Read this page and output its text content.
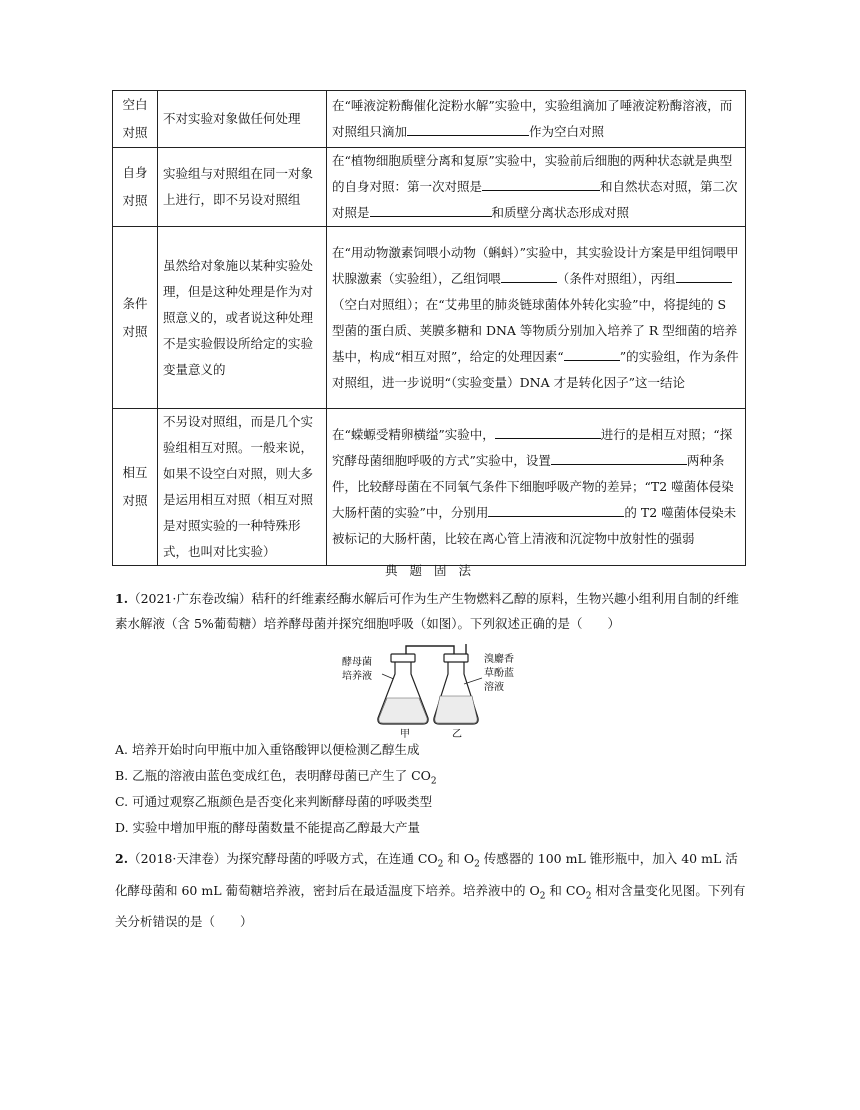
空白
对照	不对实验对象做任何处理	在“唾液淀粉酶催化淀粉水解”实验中，实验组滴加了唾液淀粉酶溶液，而对照组只滴加 作为空白对照
自身
对照	实验组与对照组在同一对象上进行，即不另设对照组	在“植物细胞质壁分离和复原”实验中，实验前后细胞的两种状态就是典型的自身对照：第一次对照是 和自然状态对照，第二次对照是 和质壁分离状态形成对照
条件
对照	虽然给对象施以某种实验处理，但是这种处理是作为对照意义的，或者说这种处理不是实验假设所给定的实验变量意义的	在“用动物激素饲喂小动物（蝌蚪）”实验中，其实验设计方案是甲组饲喂甲状腺激素（实验组），乙组饲喂 （条件对照组），丙组（空白对照组）；在“艾弗里的肺炎链球菌体外转化实验”中，将提纯的 S 型菌的蛋白质、荚膜多糖和 DNA 等物质分别加入培养了 R 型细菌的培养基中，构成“相互对照”，给定的处理因素“ ”的实验组，作为条件对照组，进一步说明“（实验变量）DNA 才是转化因子”这一结论
相互
对照	不另设对照组，而是几个实验组相互对照。一般来说，如果不设空白对照，则大多是运用相互对照（相互对照是对照实验的一种特殊形式，也叫对比实验）	在“蝾螈受精卵横缢”实验中， 进行的是相互对照；“探究酵母菌细胞呼吸的方式”实验中，设置 两种条件，比较酵母菌在不同氧气条件下细胞呼吸产物的差异；“T2 噬菌体侵染大肠杆菌的实验”中，分别用 的 T2 噬菌体侵染未被标记的大肠杆菌，比较在离心管上清液和沉淀物中放射性的强弱
典 题 固 法
1.（2021·广东卷改编）秸秆的纤维素经酶水解后可作为生产生物燃料乙醇的原料，生物兴趣小组利用自制的纤维素水解液（含 5%葡萄糖）培养酵母菌并探究细胞呼吸（如图）。下列叙述正确的是（　　）
酵母菌
培养液
溴麝香
草酚蓝
溶液
甲	乙
A. 培养开始时向甲瓶中加入重铬酸钾以便检测乙醇生成
B. 乙瓶的溶液由蓝色变成红色，表明酵母菌已产生了 $CO_2$
C. 可通过观察乙瓶颜色是否变化来判断酵母菌的呼吸类型
D. 实验中增加甲瓶的酵母菌数量不能提高乙醇最大产量
2.（2018·天津卷）为探究酵母菌的呼吸方式，在连通 $CO_2$ 和 $O_2$ 传感器的 100 mL 锥形瓶中，加入 40 mL 活化酵母菌和 60 mL 葡萄糖培养液，密封后在最适温度下培养。培养液中的 $O_2$ 和 $CO_2$ 相对含量变化见图。下列有关分析错误的是（　　）
